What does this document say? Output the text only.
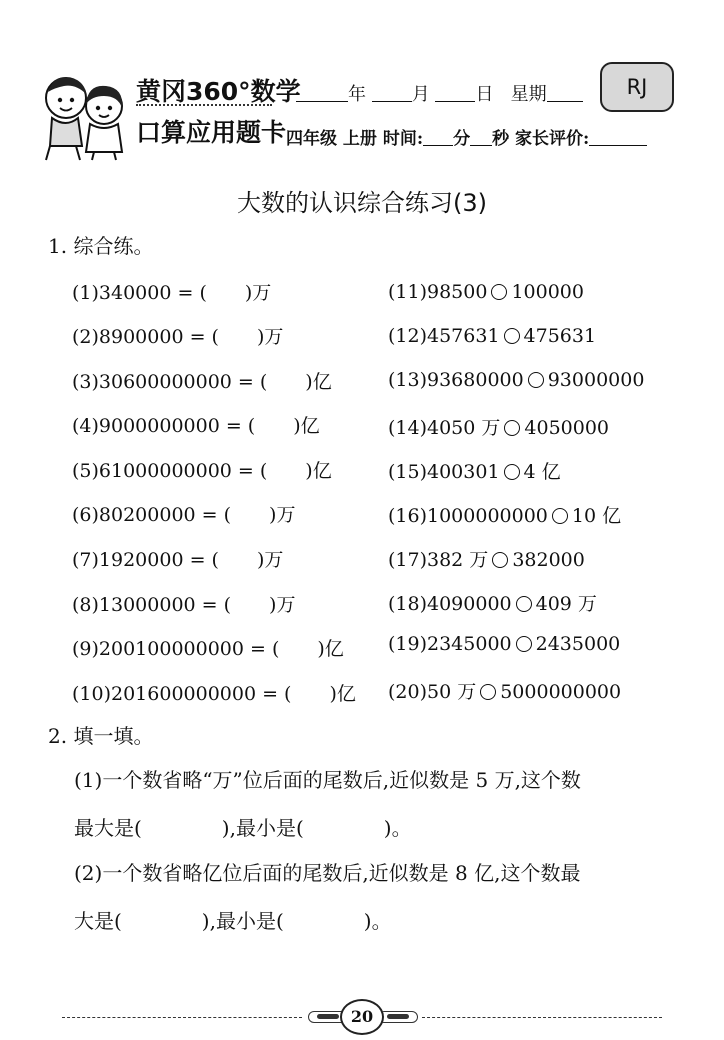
黄冈360°数学
口算应用题卡
年	月	日 星期	RJ
四年级 上册 时间: 分 秒 家长评价:
大数的认识综合练习(3)
1. 综合练。
(1)340000 = (　　)万
(2)8900000 = (　　)万
(3)30600000000 = (　　)亿
(4)9000000000 = (　　)亿
(5)61000000000 = (　　)亿
(6)80200000 = (　　)万
(7)1920000 = (　　)万
(8)13000000 = (　　)万
(9)200100000000 = (　　)亿
(10)201600000000 = (　　)亿
(11)98500 100000
(12)457631 475631
(13)93680000 93000000
(14)4050 万 4050000
(15)400301 4 亿
(16)1000000000 10 亿
(17)382 万 382000
(18)4090000 409 万
(19)2345000 2435000
(20)50 万 5000000000
2. 填一填。
(1)一个数省略“万”位后面的尾数后,近似数是 5 万,这个数
最大是(　　　　),最小是(　　　　)。
(2)一个数省略亿位后面的尾数后,近似数是 8 亿,这个数最
大是(　　　　),最小是(　　　　)。
20
